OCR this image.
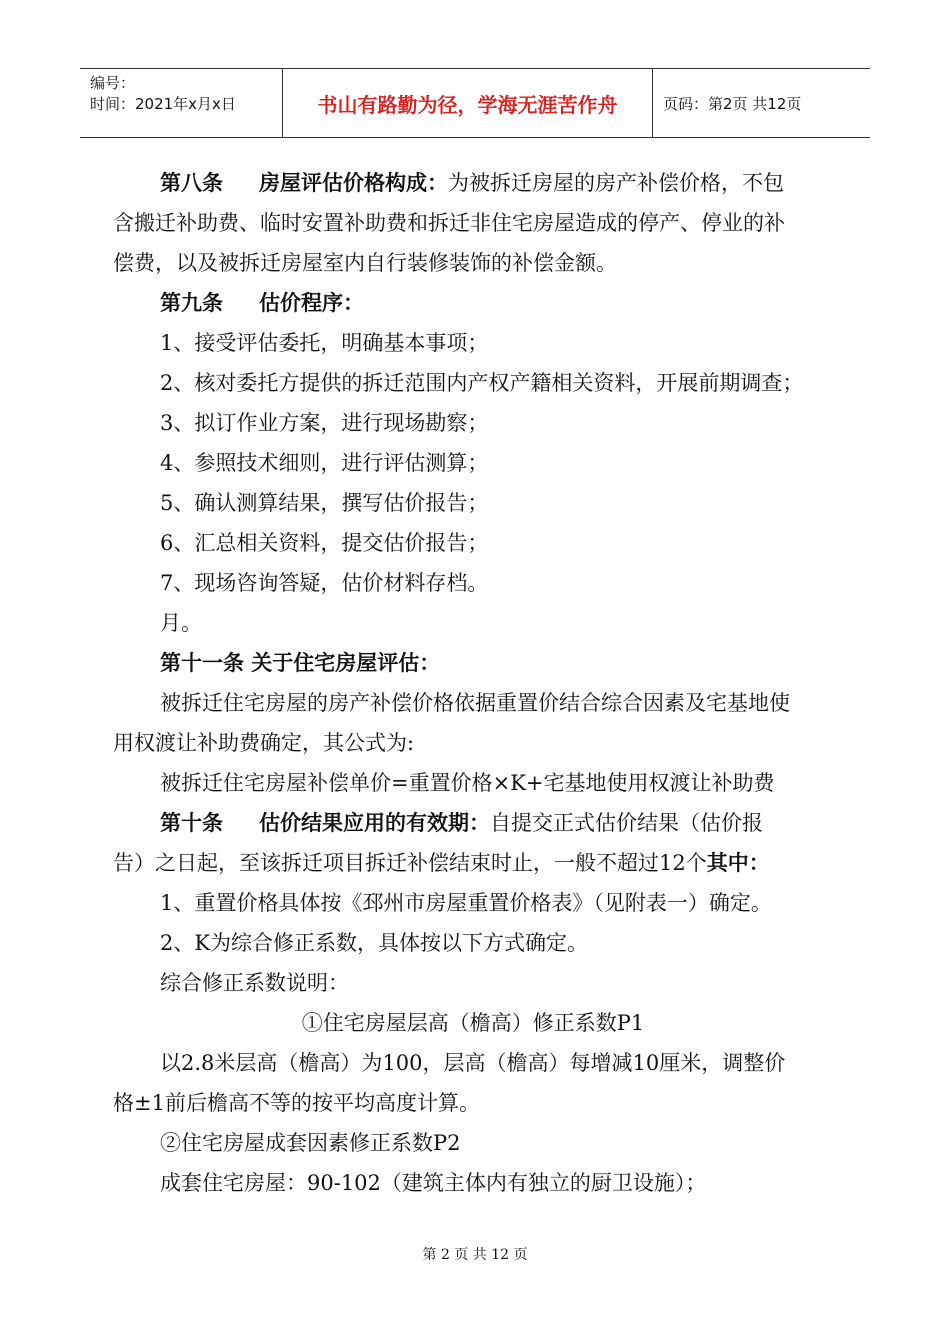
编号：
时间：2021年x月x日	书山有路勤为径，学海无涯苦作舟	页码：第2页 共12页

第八条 房屋评估价格构成：为被拆迁房屋的房产补偿价格，不包

含搬迁补助费、临时安置补助费和拆迁非住宅房屋造成的停产、停业的补

偿费，以及被拆迁房屋室内自行装修装饰的补偿金额。

第九条 估价程序：

1、接受评估委托，明确基本事项；

2、核对委托方提供的拆迁范围内产权产籍相关资料，开展前期调查；

3、拟订作业方案，进行现场勘察；

4、参照技术细则，进行评估测算；

5、确认测算结果，撰写估价报告；

6、汇总相关资料，提交估价报告；

7、现场咨询答疑，估价材料存档。

月。

第十一条 关于住宅房屋评估：

被拆迁住宅房屋的房产补偿价格依据重置价结合综合因素及宅基地使

用权渡让补助费确定，其公式为:

被拆迁住宅房屋补偿单价=重置价格×K+宅基地使用权渡让补助费

第十条 估价结果应用的有效期：自提交正式估价结果（估价报

告）之日起，至该拆迁项目拆迁补偿结束时止，一般不超过12个其中：

1、重置价格具体按《邳州市房屋重置价格表》（见附表一）确定。

2、K为综合修正系数，具体按以下方式确定。

综合修正系数说明：

①住宅房屋层高（檐高）修正系数P1

以2.8米层高（檐高）为100，层高（檐高）每增减10厘米，调整价

格±1前后檐高不等的按平均高度计算。

②住宅房屋成套因素修正系数P2

成套住宅房屋：90-102（建筑主体内有独立的厨卫设施）；

第 2 页 共 12 页
